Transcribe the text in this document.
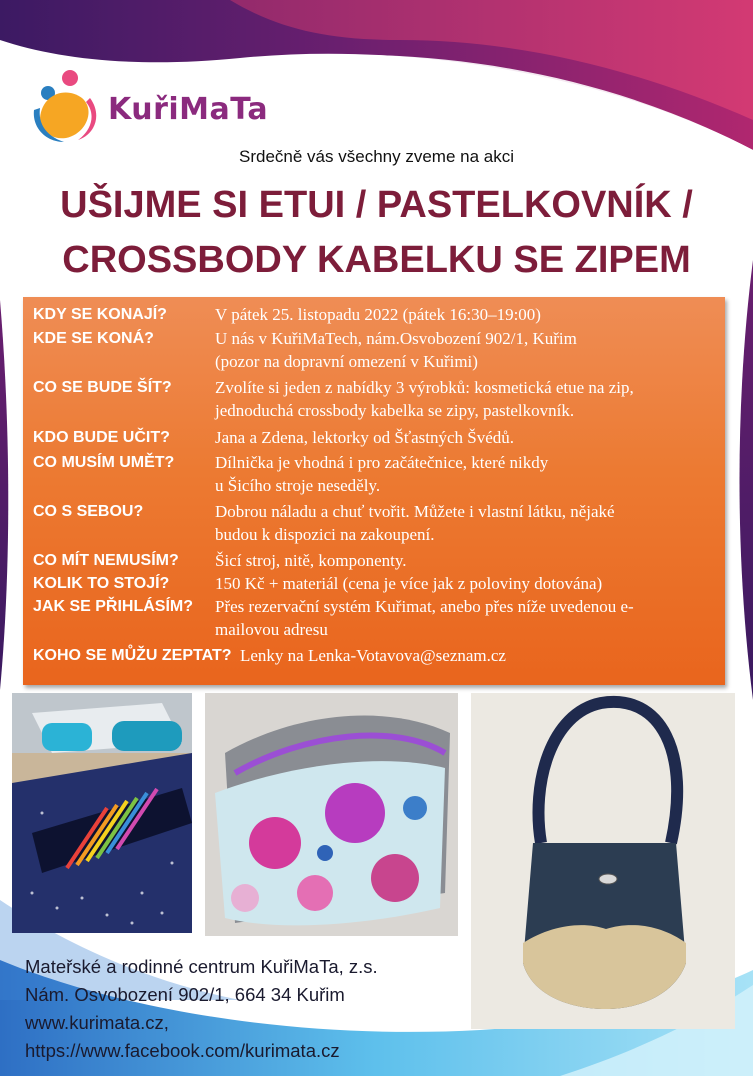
KuřiMaTa
Srdečně vás všechny zveme na akci
UŠIJME SI ETUI / PASTELKOVNÍK /
CROSSBODY KABELKU SE ZIPEM
KDY SE KONAJÍ?	V pátek 25. listopadu 2022 (pátek 16:30–19:00)
KDE SE KONÁ?	U nás v KuřiMaTech, nám.Osvobození 902/1, Kuřim
(pozor na dopravní omezení v Kuřimi)
CO SE BUDE ŠÍT?	Zvolíte si jeden z nabídky 3 výrobků: kosmetická etue na zip,
jednoduchá crossbody kabelka se zipy, pastelkovník.
KDO BUDE UČIT?	Jana a Zdena, lektorky od Šťastných Švédů.
CO MUSÍM UMĚT? Dílnička je vhodná i pro začátečnice, které nikdy
u Šicího stroje neseděly.
CO S SEBOU?	Dobrou náladu a chuť tvořit. Můžete i vlastní látku, nějaké
budou k dispozici na zakoupení.
CO MÍT NEMUSÍM? Šicí stroj, nitě, komponenty.
KOLIK TO STOJÍ?	150 Kč + materiál (cena je více jak z poloviny dotována)
JAK SE PŘIHLÁSÍM? Přes rezervační systém Kuřimat, anebo přes níže uvedenou e-
mailovou adresu
KOHO SE MŮŽU ZEPTAT? Lenky na Lenka-Votavova@seznam.cz
Mateřské a rodinné centrum KuřiMaTa, z.s.
Nám. Osvobození 902/1, 664 34 Kuřim
www.kurimata.cz,
https://www.facebook.com/kurimata.cz
